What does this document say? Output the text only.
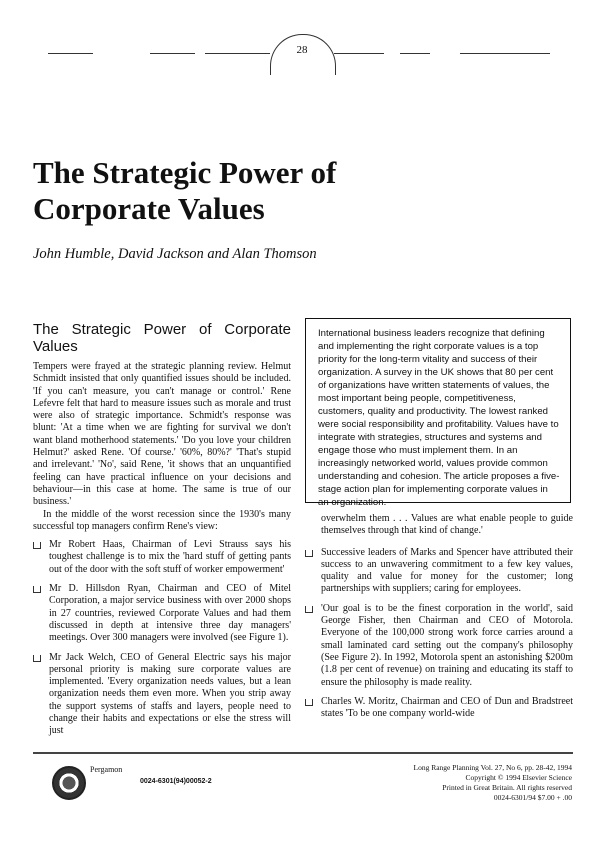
28
The Strategic Power of Corporate Values
John Humble, David Jackson and Alan Thomson
The Strategic Power of Corporate Values

Tempers were frayed at the strategic planning review. Helmut Schmidt insisted that only quantified issues should be included. 'If you can't measure, you can't manage or control.' Rene Lefevre felt that hard to measure issues such as morale and trust were also of strategic importance. Schmidt's response was blunt: 'At a time when we are fighting for survival we don't want bland motherhood statements.' 'Do you love your children Helmut?' asked Rene. 'Of course.' '60%, 80%?' 'That's stupid and irrelevant.' 'No', said Rene, 'it shows that an unquantified feeling can have practical influence on your decisions and behaviour—in this case at home. The same is true of our business.'

In the middle of the worst recession since the 1930's many successful top managers confirm Rene's view:

Mr Robert Haas, Chairman of Levi Strauss says his toughest challenge is to mix the 'hard stuff of getting pants out of the door with the soft stuff of worker empowerment'
Mr D. Hillsdon Ryan, Chairman and CEO of Mitel Corporation, a major service business with over 2000 shops in 27 countries, reviewed Corporate Values and had them discussed in depth at intensive three day managers' meetings. Over 300 managers were involved (see Figure 1).
Mr Jack Welch, CEO of General Electric says his major personal priority is making sure corporate values are implemented. 'Every organization needs values, but a lean organization needs them even more. When you strip away the support systems of staffs and layers, people need to change their habits and expectations or else the stress will just
International business leaders recognize that defining and implementing the right corporate values is a top priority for the long-term vitality and success of their organization. A survey in the UK shows that 80 per cent of organizations have written statements of values, the most important being people, competitiveness, customers, quality and productivity. The lowest ranked were social responsibility and profitability. Values have to integrate with strategies, structures and systems and engage those who must implement them. In an increasingly networked world, values provide common understanding and cohesion. The article proposes a five-stage action plan for implementing corporate values in an organization.

overwhelm them . . . Values are what enable people to guide themselves through that kind of change.'

Successive leaders of Marks and Spencer have attributed their success to an unwavering commitment to a few key values, quality and value for money for the customer; long partnerships with suppliers; caring for employees.
'Our goal is to be the finest corporation in the world', said George Fisher, then Chairman and CEO of Motorola. Everyone of the 100,000 strong work force carries around a small laminated card setting out the company's philosophy (See Figure 2). In 1992, Motorola spent an astonishing $200m (1.8 per cent of revenue) on training and educating its staff to ensure the philosophy is made reality.
Charles W. Moritz, Chairman and CEO of Dun and Bradstreet states 'To be one company world-wide
Pergamon
0024-6301(94)00052-2
Long Range Planning Vol. 27, No 6, pp. 28-42, 1994
Copyright © 1994 Elsevier Science
Printed in Great Britain. All rights reserved
0024-6301/94 $7.00 + .00
